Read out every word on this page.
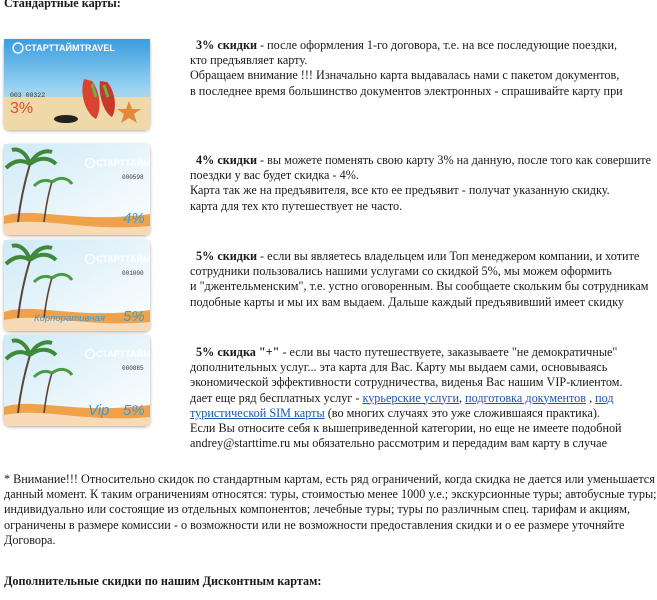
Стандартные карты:
СТАРТТАЙМTRAVEL
003 00322
3%
СТАРТТАЙМ
000598
4%
СТАРТТАЙМ
001000
Корпоративная 5%
СТАРТТАЙМ
000885
Vip 5%
3% скидки - после оформления 1-го договора, т.е. на все последующие поездки,
кто предъявляет карту.
Обращаем внимание !!! Изначально карта выдавалась нами с пакетом документов,
в последнее время большинство документов электронных - спрашивайте карту при
4% скидки - вы можете поменять свою карту 3% на данную, после того как совершите
поездки у вас будет скидка - 4%.
Карта так же на предъявителя, все кто ее предъявит - получат указанную скидку.
карта для тех кто путешествует не часто.
5% скидки - если вы являетесь владельцем или Топ менеджером компании, и хотите
сотрудники пользовались нашими услугами со скидкой 5%, мы можем оформить
и "джентельменским", т.е. устно оговоренным. Вы сообщаете скольким бы сотрудникам
подобные карты и мы их вам выдаем. Дальше каждый предъявивший имеет скидку
5% скидка "+" - если вы часто путешествуете, заказываете "не демократичные"
дополнительных услуг... эта карта для Вас. Карту мы выдаем сами, основываясь
экономической эффективности сотрудничества, виденья Вас нашим VIP-клиентом.
дает еще ряд бесплатных услуг - курьерские услуги, подготовка документов , под
туристической SIM карты (во многих случаях это уже сложившаяся практика).
Если Вы относите себя к вышеприведенной категории, но еще не имеете подобной
andrey@starttime.ru мы обязательно рассмотрим и передадим вам карту в случае
* Внимание!!! Относительно скидок по стандартным картам, есть ряд ограничений, когда скидка не дается или уменьшается
данный момент. К таким ограничениям относятся: туры, стоимостью менее 1000 у.е.; экскурсионные туры; автобусные туры;
индивидуально или состоящие из отдельных компонентов; лечебные туры; туры по различным спец. тарифам и акциям,
ограничены в размере комиссии - о возможности или не возможности предоставления скидки и о ее размере уточняйте
Договора.
Дополнительные скидки по нашим Дисконтным картам:
